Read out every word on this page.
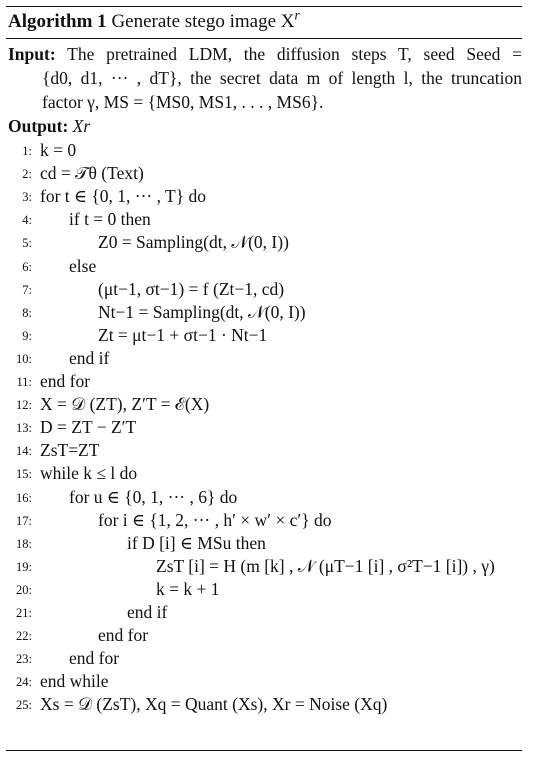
Algorithm 1 Generate stego image $X^r$
Input: The pretrained LDM, the diffusion steps T, seed Seed =
{d0, d1, ··· , dT}, the secret data m of length l, the truncation
factor γ, MS = {MS0, MS1, . . . , MS6}.
Output: Xr
1: k = 0
2: cd = 𝒯θ (Text)
3: for t ∈ {0, 1, ··· , T} do
4: if t = 0 then
5:	Z0 = Sampling(dt, 𝒩(0, I))
6: else
7:	(μt−1, σt−1) = f (Zt−1, cd)
8:	Nt−1 = Sampling(dt, 𝒩(0, I))
9:	Zt = μt−1 + σt−1 · Nt−1
10: end if
11: end for
12: X = 𝒟 (ZT), Z′T = ℰ(X)
13: D = ZT − Z′T
14: ZsT=ZT
15: while k ≤ l do
16: for u ∈ {0, 1, ··· , 6} do
17:	for i ∈ {1, 2, ··· , h′ × w′ × c′} do
18:	if D [i] ∈ MSu then
19:	ZsT [i] = H (m [k] , 𝒩 (μT−1 [i] , σ²T−1 [i]) , γ)
20:	k = k + 1
21:	end if
22:	end for
23: end for
24: end while
25: Xs = 𝒟 (ZsT), Xq = Quant (Xs), Xr = Noise (Xq)
